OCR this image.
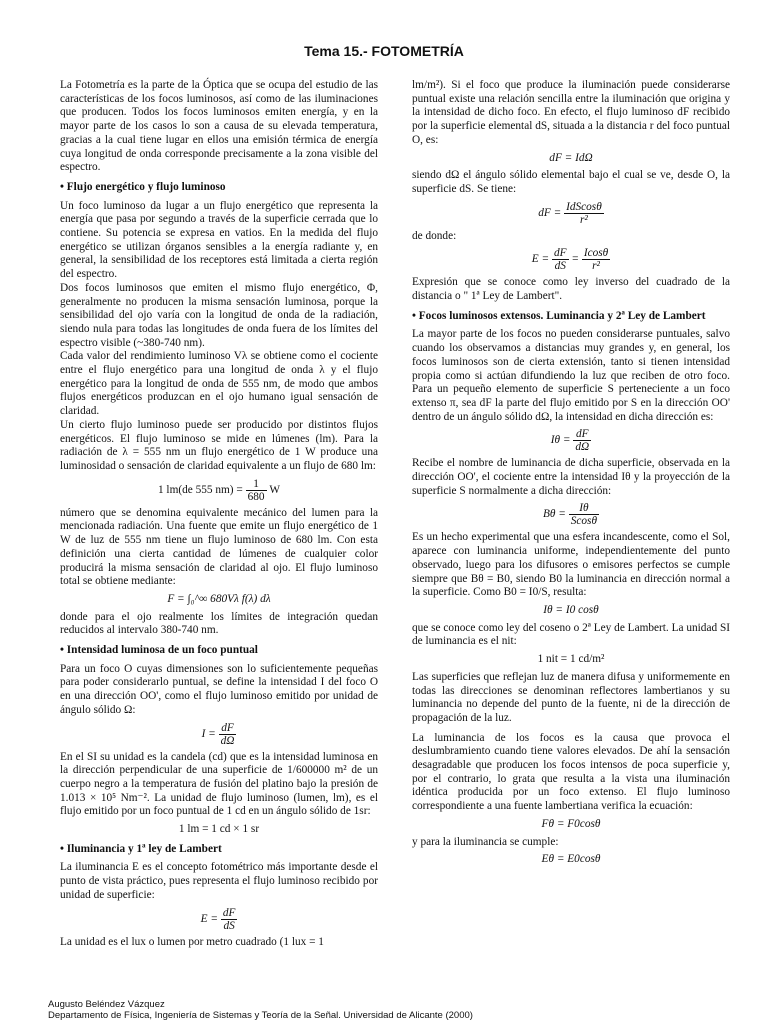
Tema 15.- FOTOMETRÍA

La Fotometría es la parte de la Óptica que se ocupa del estudio de las características de los focos luminosos, así como de las iluminaciones que producen. Todos los focos luminosos emiten energía, y en la mayor parte de los casos lo son a causa de su elevada temperatura, gracias a la cual tiene lugar en ellos una emisión térmica de energía cuya longitud de onda corresponde precisamente a la zona visible del espectro.

• Flujo energético y flujo luminoso

Un foco luminoso da lugar a un flujo energético que representa la energía que pasa por segundo a través de la superficie cerrada que lo contiene. Su potencia se expresa en vatios. En la medida del flujo energético se utilizan órganos sensibles a la energía radiante y, en general, la sensibilidad de los receptores está limitada a cierta región del espectro.

Dos focos luminosos que emiten el mismo flujo energético, Φ, generalmente no producen la misma sensación luminosa, porque la sensibilidad del ojo varía con la longitud de onda de la radiación, siendo nula para todas las longitudes de onda fuera de los límites del espectro visible (~380-740 nm).

Cada valor del rendimiento luminoso Vλ se obtiene como el cociente entre el flujo energético para una longitud de onda λ y el flujo energético para la longitud de onda de 555 nm, de modo que ambos flujos energéticos produzcan en el ojo humano igual sensación de claridad.

Un cierto flujo luminoso puede ser producido por distintos flujos energéticos. El flujo luminoso se mide en lúmenes (lm). Para la radiación de λ = 555 nm un flujo energético de 1 W produce una luminosidad o sensación de claridad equivalente a un flujo de 680 lm:

1 lm(de 555 $nm) = \frac{1}{680}$ W

número que se denomina equivalente mecánico del lumen para la mencionada radiación. Una fuente que emite un flujo energético de 1 W de luz de 555 nm tiene un flujo luminoso de 680 lm. Con esta definición una cierta cantidad de lúmenes de cualquier color producirá la misma sensación de claridad al ojo. El flujo luminoso total se obtiene mediante:

F = ∫₀^∞ 680Vλ f(λ) dλ

donde para el ojo realmente los límites de integración quedan reducidos al intervalo 380-740 nm.

• Intensidad luminosa de un foco puntual

Para un foco O cuyas dimensiones son lo suficientemente pequeñas para poder considerarlo puntual, se define la intensidad I del foco O en una dirección OO', como el flujo luminoso emitido por unidad de ángulo sólido Ω:

$I = \frac{dF}{d\Omega}$

En el SI su unidad es la candela (cd) que es la intensidad luminosa en la dirección perpendicular de una superficie de 1/600000 m² de un cuerpo negro a la temperatura de fusión del platino bajo la presión de 1.013 × 10⁵ Nm⁻². La unidad de flujo luminoso (lumen, lm), es el flujo emitido por un foco puntual de 1 cd en un ángulo sólido de 1sr:

1 lm = 1 cd × 1 sr
• Iluminancia y 1ª ley de Lambert

La iluminancia E es el concepto fotométrico más importante desde el punto de vista práctico, pues representa el flujo luminoso recibido por unidad de superficie:

$E = \frac{dF}{dS}$

La unidad es el lux o lumen por metro cuadrado (1 lux = 1

lm/m²). Si el foco que produce la iluminación puede considerarse puntual existe una relación sencilla entre la iluminación que origina y la intensidad de dicho foco. En efecto, el flujo luminoso dF recibido por la superficie elemental dS, situada a la distancia r del foco puntual O, es:

dF = IdΩ

siendo dΩ el ángulo sólido elemental bajo el cual se ve, desde O, la superficie dS. Se tiene:

dF = $\frac{\text{IdScosθ}}{\text{r²}}$

de donde:

$E = \frac{dF}{dS} = \frac{Icos\theta}{\text{r²}}$

Expresión que se conoce como ley inverso del cuadrado de la distancia o " 1ª Ley de Lambert".

• Focos luminosos extensos. Luminancia y 2ª Ley de Lambert

La mayor parte de los focos no pueden considerarse puntuales, salvo cuando los observamos a distancias muy grandes y, en general, los focos luminosos son de cierta extensión, tanto si tienen intensidad propia como si actúan difundiendo la luz que reciben de otro foco. Para un pequeño elemento de superficie S perteneciente a un foco extenso π, sea dF la parte del flujo emitido por S en la dirección OO' dentro de un ángulo sólido dΩ, la intensidad en dicha dirección es:

$I\theta = \frac{dF}{d\Omega}$

Recibe el nombre de luminancia de dicha superficie, observada en la dirección OO', el cociente entre la intensidad Iθ y la proyección de la superficie S normalmente a dicha dirección:

$B\theta = \frac{I\theta}{Scos\theta}$

Es un hecho experimental que una esfera incandescente, como el Sol, aparece con luminancia uniforme, independientemente del punto observado, luego para los difusores o emisores perfectos se cumple siempre que Bθ = B0, siendo B0 la luminancia en dirección normal a la superficie. Como B0 = I0/S, resulta:

Iθ = I0 cosθ

que se conoce como ley del coseno o 2ª Ley de Lambert. La unidad SI de luminancia es el nit:

1 nit = 1 cd/m²

Las superficies que reflejan luz de manera difusa y uniformemente en todas las direcciones se denominan reflectores lambertianos y su luminancia no depende del punto de la fuente, ni de la dirección de propagación de la luz.

La luminancia de los focos es la causa que provoca el deslumbramiento cuando tiene valores elevados. De ahí la sensación desagradable que producen los focos intensos de poca superficie y, por el contrario, lo grata que resulta a la vista una iluminación idéntica producida por un foco extenso. El flujo luminoso correspondiente a una fuente lambertiana verifica la ecuación:

Fθ = F0cosθ

y para la iluminancia se cumple:

Eθ = E0cosθ
Augusto Beléndez Vázquez
Departamento de Física, Ingeniería de Sistemas y Teoría de la Señal. Universidad de Alicante (2000)
